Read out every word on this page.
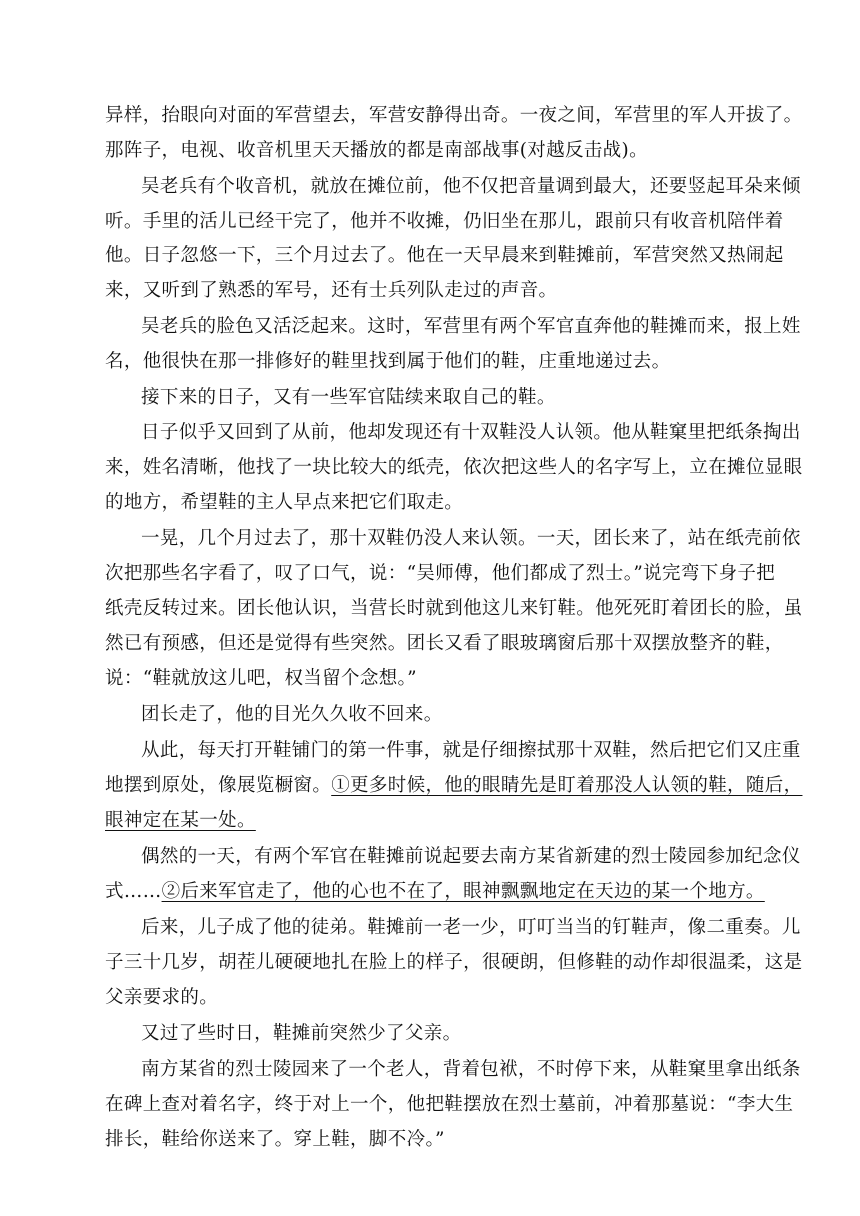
异样，抬眼向对面的军营望去，军营安静得出奇。一夜之间，军营里的军人开拔了。
那阵子，电视、收音机里天天播放的都是南部战事(对越反击战)。
吴老兵有个收音机，就放在摊位前，他不仅把音量调到最大，还要竖起耳朵来倾
听。手里的活儿已经干完了，他并不收摊，仍旧坐在那儿，跟前只有收音机陪伴着
他。日子忽悠一下，三个月过去了。他在一天早晨来到鞋摊前，军营突然又热闹起
来，又听到了熟悉的军号，还有士兵列队走过的声音。
吴老兵的脸色又活泛起来。这时，军营里有两个军官直奔他的鞋摊而来，报上姓
名，他很快在那一排修好的鞋里找到属于他们的鞋，庄重地递过去。
接下来的日子，又有一些军官陆续来取自己的鞋。
日子似乎又回到了从前，他却发现还有十双鞋没人认领。他从鞋窠里把纸条掏出
来，姓名清晰，他找了一块比较大的纸壳，依次把这些人的名字写上，立在摊位显眼
的地方，希望鞋的主人早点来把它们取走。
一晃，几个月过去了，那十双鞋仍没人来认领。一天，团长来了，站在纸壳前依
次把那些名字看了，叹了口气，说：“吴师傅，他们都成了烈士。”说完弯下身子把
纸壳反转过来。团长他认识，当营长时就到他这儿来钉鞋。他死死盯着团长的脸，虽
然已有预感，但还是觉得有些突然。团长又看了眼玻璃窗后那十双摆放整齐的鞋，
说：“鞋就放这儿吧，权当留个念想。”
团长走了，他的目光久久收不回来。
从此，每天打开鞋铺门的第一件事，就是仔细擦拭那十双鞋，然后把它们又庄重
地摆到原处，像展览橱窗。①更多时候，他的眼睛先是盯着那没人认领的鞋，随后，
眼神定在某一处。
偶然的一天，有两个军官在鞋摊前说起要去南方某省新建的烈士陵园参加纪念仪
式……②后来军官走了，他的心也不在了，眼神飘飘地定在天边的某一个地方。
后来，儿子成了他的徒弟。鞋摊前一老一少，叮叮当当的钉鞋声，像二重奏。儿
子三十几岁，胡茬儿硬硬地扎在脸上的样子，很硬朗，但修鞋的动作却很温柔，这是
父亲要求的。
又过了些时日，鞋摊前突然少了父亲。
南方某省的烈士陵园来了一个老人，背着包袱，不时停下来，从鞋窠里拿出纸条
在碑上查对着名字，终于对上一个，他把鞋摆放在烈士墓前，冲着那墓说：“李大生
排长，鞋给你送来了。穿上鞋，脚不冷。”
